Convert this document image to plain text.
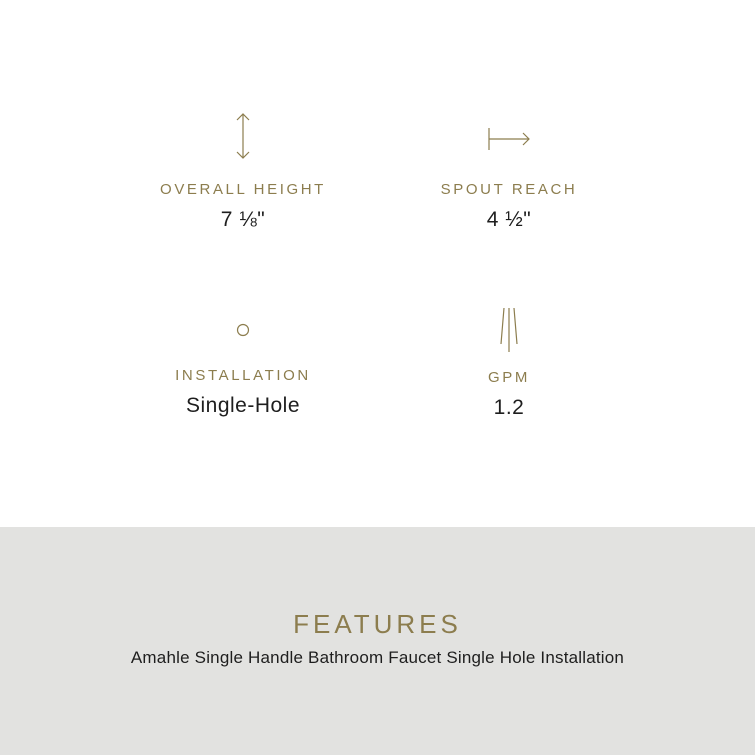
OVERALL HEIGHT
7 ⅛"
SPOUT REACH
4 ½"
INSTALLATION
Single-Hole
GPM
1.2
FEATURES
Amahle Single Handle Bathroom Faucet Single Hole Installation
